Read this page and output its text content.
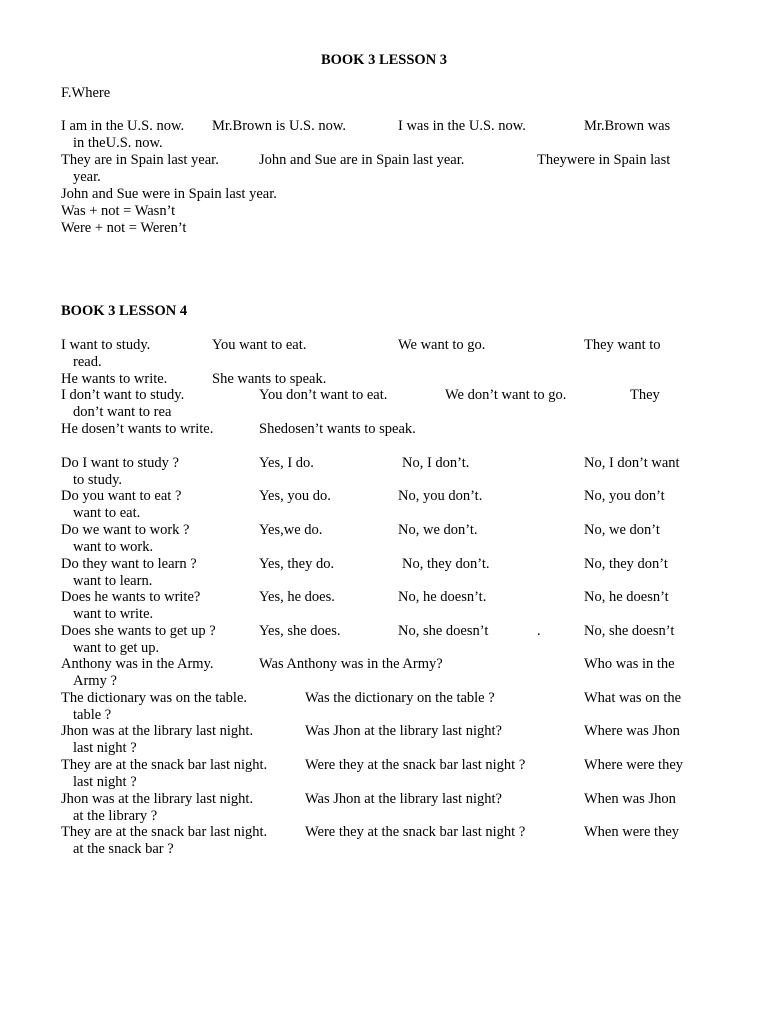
BOOK 3 LESSON 3
F.Where
I am in the U.S. now. Mr.Brown is U.S. now.	I was in the U.S. now.	Mr.Brown was
in theU.S. now.
They are in Spain last year.	John and Sue are in Spain last year.	Theywere in Spain last
year.
John and Sue were in Spain last year.
Was + not = Wasn’t
Were + not = Weren’t
BOOK 3 LESSON 4
I want to study.	You want to eat.	We want to go.	They want to
read.
He wants to write.	She wants to speak.
I don’t want to study.	You don’t want to eat.	We don’t want to go.	They
don’t want to rea
He dosen’t wants to write.	Shedosen’t wants to speak.
Do I want to study ?	Yes, I do.	No, I don’t.	No, I don’t want
to study.
Do you want to eat ?	Yes, you do.	No, you don’t.	No, you don’t
want to eat.
Do we want to work ?	Yes,we do.	No, we don’t.	No, we don’t
want to work.
Do they want to learn ?	Yes, they do.	No, they don’t.	No, they don’t
want to learn.
Does he wants to write?	Yes, he does.	No, he doesn’t.	No, he doesn’t
want to write.
Does she wants to get up ?	Yes, she does.	No, she doesn’t	.	No, she doesn’t
want to get up.
Anthony was in the Army.	Was Anthony was in the Army?	Who was in the
Army ?
The dictionary was on the table.	Was the dictionary on the table ?	What was on the
table ?
Jhon was at the library last night.	Was Jhon at the library last night?	Where was Jhon
last night ?
They are at the snack bar last night.	Were they at the snack bar last night ?	Where were they
last night ?
Jhon was at the library last night.	Was Jhon at the library last night?	When was Jhon
at the library ?
They are at the snack bar last night.	Were they at the snack bar last night ?	When were they
at the snack bar ?
